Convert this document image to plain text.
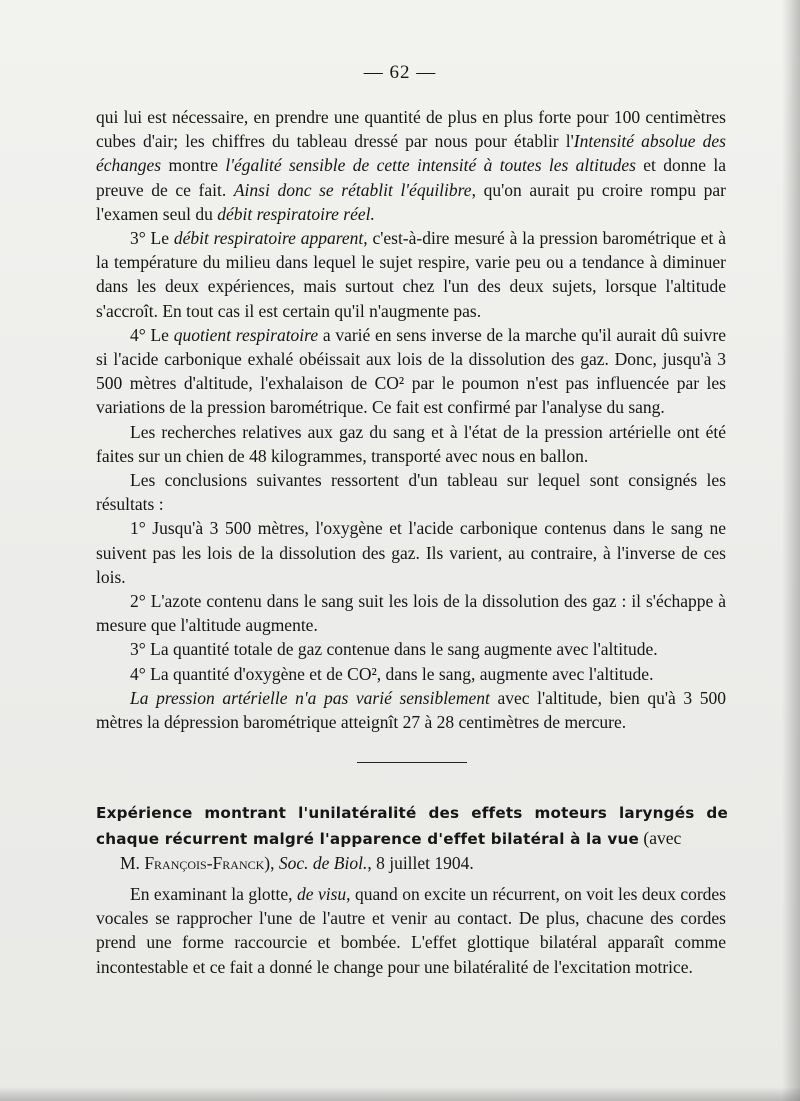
— 62 —

qui lui est nécessaire, en prendre une quantité de plus en plus forte pour 100 centimètres cubes d'air; les chiffres du tableau dressé par nous pour établir l'Intensité absolue des échanges montre l'égalité sensible de cette intensité à toutes les altitudes et donne la preuve de ce fait. Ainsi donc se rétablit l'équilibre, qu'on aurait pu croire rompu par l'examen seul du débit respiratoire réel.

3° Le débit respiratoire apparent, c'est-à-dire mesuré à la pression barométrique et à la température du milieu dans lequel le sujet respire, varie peu ou a tendance à diminuer dans les deux expériences, mais surtout chez l'un des deux sujets, lorsque l'altitude s'accroît. En tout cas il est certain qu'il n'augmente pas.

4° Le quotient respiratoire a varié en sens inverse de la marche qu'il aurait dû suivre si l'acide carbonique exhalé obéissait aux lois de la dissolution des gaz. Donc, jusqu'à 3 500 mètres d'altitude, l'exhalaison de CO² par le poumon n'est pas influencée par les variations de la pression barométrique. Ce fait est confirmé par l'analyse du sang.

Les recherches relatives aux gaz du sang et à l'état de la pression artérielle ont été faites sur un chien de 48 kilogrammes, transporté avec nous en ballon.

Les conclusions suivantes ressortent d'un tableau sur lequel sont consignés les résultats :

1° Jusqu'à 3 500 mètres, l'oxygène et l'acide carbonique contenus dans le sang ne suivent pas les lois de la dissolution des gaz. Ils varient, au contraire, à l'inverse de ces lois.

2° L'azote contenu dans le sang suit les lois de la dissolution des gaz : il s'échappe à mesure que l'altitude augmente.

3° La quantité totale de gaz contenue dans le sang augmente avec l'altitude.

4° La quantité d'oxygène et de CO², dans le sang, augmente avec l'altitude.

La pression artérielle n'a pas varié sensiblement avec l'altitude, bien qu'à 3 500 mètres la dépression barométrique atteignît 27 à 28 centimètres de mercure.

Expérience montrant l'unilatéralité des effets moteurs laryngés de chaque récurrent malgré l'apparence d'effet bilatéral à la vue (avec
M. François-Franck), Soc. de Biol., 8 juillet 1904.

En examinant la glotte, de visu, quand on excite un récurrent, on voit les deux cordes vocales se rapprocher l'une de l'autre et venir au contact. De plus, chacune des cordes prend une forme raccourcie et bombée. L'effet glottique bilatéral apparaît comme incontestable et ce fait a donné le change pour une bilatéralité de l'excitation motrice.
